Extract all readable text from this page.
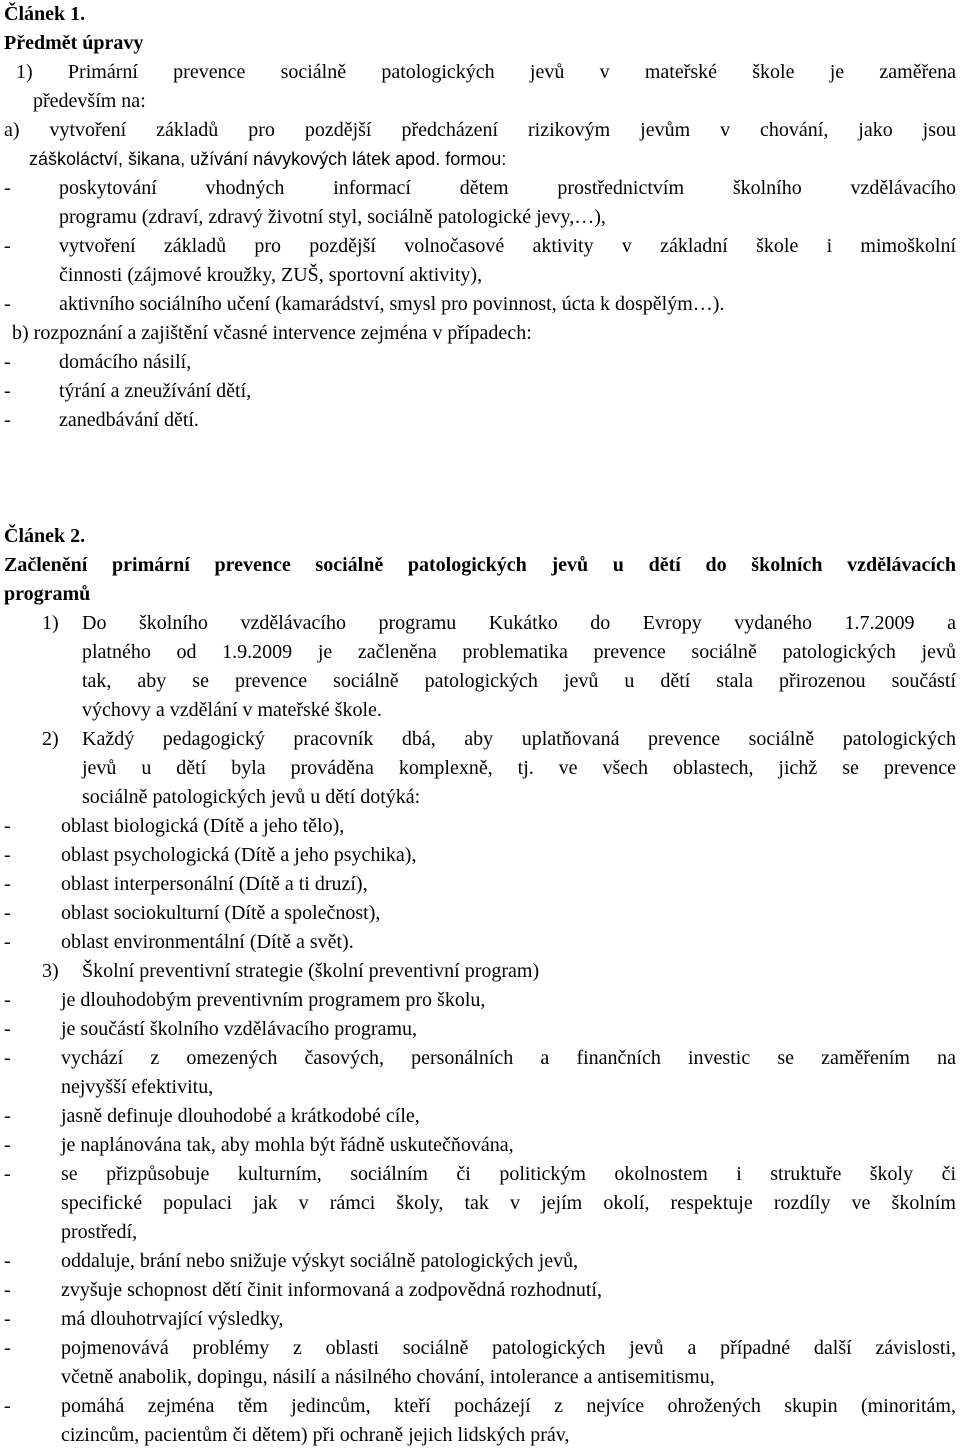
Článek 1.

Předmět úpravy

1) Primární prevence sociálně patologických jevů v mateřské škole je zaměřena

především na:

a) vytvoření základů pro pozdější předcházení rizikovým jevům v chování, jako jsou

záškoláctví, šikana, užívání návykových látek apod. formou:

-	poskytování vhodných informací dětem prostřednictvím školního vzdělávacího

programu (zdraví, zdravý životní styl, sociálně patologické jevy,…),

-	vytvoření základů pro pozdější volnočasové aktivity v základní škole i mimoškolní

činnosti (zájmové kroužky, ZUŠ, sportovní aktivity),

-	aktivního sociálního učení (kamarádství, smysl pro povinnost, úcta k dospělým…).

b) rozpoznání a zajištění včasné intervence zejména v případech:

-	domácího násilí,

-	týrání a zneužívání dětí,

-	zanedbávání dětí.

Článek 2.

Začlenění primární prevence sociálně patologických jevů u dětí do školních vzdělávacích

programů

1)	Do školního vzdělávacího programu Kukátko do Evropy vydaného 1.7.2009 a

platného od 1.9.2009 je začleněna problematika prevence sociálně patologických jevů

tak, aby se prevence sociálně patologických jevů u dětí stala přirozenou součástí

výchovy a vzdělání v mateřské škole.

2)	Každý pedagogický pracovník dbá, aby uplatňovaná prevence sociálně patologických

jevů u dětí byla prováděna komplexně, tj. ve všech oblastech, jichž se prevence

sociálně patologických jevů u dětí dotýká:

-	oblast biologická (Dítě a jeho tělo),

-	oblast psychologická (Dítě a jeho psychika),

-	oblast interpersonální (Dítě a ti druzí),

-	oblast sociokulturní (Dítě a společnost),

-	oblast environmentální (Dítě a svět).

3)	Školní preventivní strategie (školní preventivní program)

-	je dlouhodobým preventivním programem pro školu,

-	je součástí školního vzdělávacího programu,

-	vychází z omezených časových, personálních a finančních investic se zaměřením na

nejvyšší efektivitu,

-	jasně definuje dlouhodobé a krátkodobé cíle,

-	je naplánována tak, aby mohla být řádně uskutečňována,

-	se přizpůsobuje kulturním, sociálním či politickým okolnostem i struktuře školy či

specifické populaci jak v rámci školy, tak v jejím okolí, respektuje rozdíly ve školním

prostředí,

-	oddaluje, brání nebo snižuje výskyt sociálně patologických jevů,

-	zvyšuje schopnost dětí činit informovaná a zodpovědná rozhodnutí,

-	má dlouhotrvající výsledky,

-	pojmenovává problémy z oblasti sociálně patologických jevů a případné další závislosti,

včetně anabolik, dopingu, násilí a násilného chování, intolerance a antisemitismu,

-	pomáhá zejména těm jedincům, kteří pocházejí z nejvíce ohrožených skupin (minoritám,

cizincům, pacientům či dětem) při ochraně jejich lidských práv,
